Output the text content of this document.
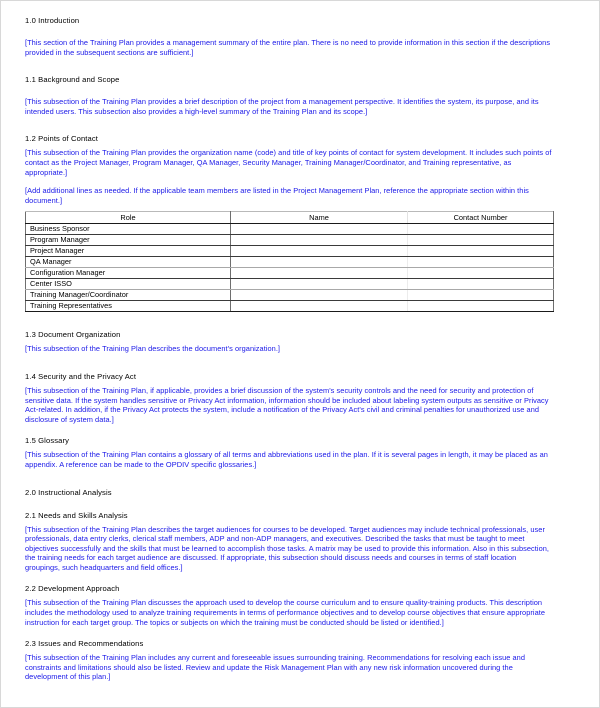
1.0 Introduction

[This section of the Training Plan provides a management summary of the entire plan. There is no need to provide information in this section if the descriptions provided in the subsequent sections are sufficient.]

1.1 Background and Scope

[This subsection of the Training Plan provides a brief description of the project from a management perspective. It identifies the system, its purpose, and its intended users. This subsection also provides a high-level summary of the Training Plan and its scope.]

1.2 Points of Contact

[This subsection of the Training Plan provides the organization name (code) and title of key points of contact for system development. It includes such points of contact as the Project Manager, Program Manager, QA Manager, Security Manager, Training Manager/Coordinator, and Training representative, as appropriate.]

[Add additional lines as needed. If the applicable team members are listed in the Project Management Plan, reference the appropriate section within this document.]

Role	Name	Contact Number
Business Sponsor		
Program Manager		
Project Manager		
QA Manager		
Configuration Manager		
Center ISSO		
Training Manager/Coordinator		
Training Representatives		
1.3 Document Organization

[This subsection of the Training Plan describes the document's organization.]

1.4 Security and the Privacy Act

[This subsection of the Training Plan, if applicable, provides a brief discussion of the system's security controls and the need for security and protection of sensitive data. If the system handles sensitive or Privacy Act information, information should be included about labeling system outputs as sensitive or Privacy Act-related. In addition, if the Privacy Act protects the system, include a notification of the Privacy Act's civil and criminal penalties for unauthorized use and disclosure of system data.]

1.5 Glossary

[This subsection of the Training Plan contains a glossary of all terms and abbreviations used in the plan. If it is several pages in length, it may be placed as an appendix. A reference can be made to the OPDIV specific glossaries.]

2.0 Instructional Analysis
2.1 Needs and Skills Analysis

[This subsection of the Training Plan describes the target audiences for courses to be developed. Target audiences may include technical professionals, user professionals, data entry clerks, clerical staff members, ADP and non-ADP managers, and executives. Described the tasks that must be taught to meet objectives successfully and the skills that must be learned to accomplish those tasks. A matrix may be used to provide this information. Also in this subsection, the training needs for each target audience are discussed. If appropriate, this subsection should discuss needs and courses in terms of staff location groupings, such headquarters and field offices.]

2.2 Development Approach

[This subsection of the Training Plan discusses the approach used to develop the course curriculum and to ensure quality-training products. This description includes the methodology used to analyze training requirements in terms of performance objectives and to develop course objectives that ensure appropriate instruction for each target group. The topics or subjects on which the training must be conducted should be listed or identified.]

2.3 Issues and Recommendations

[This subsection of the Training Plan includes any current and foreseeable issues surrounding training. Recommendations for resolving each issue and constraints and limitations should also be listed. Review and update the Risk Management Plan with any new risk information uncovered during the development of this plan.]
